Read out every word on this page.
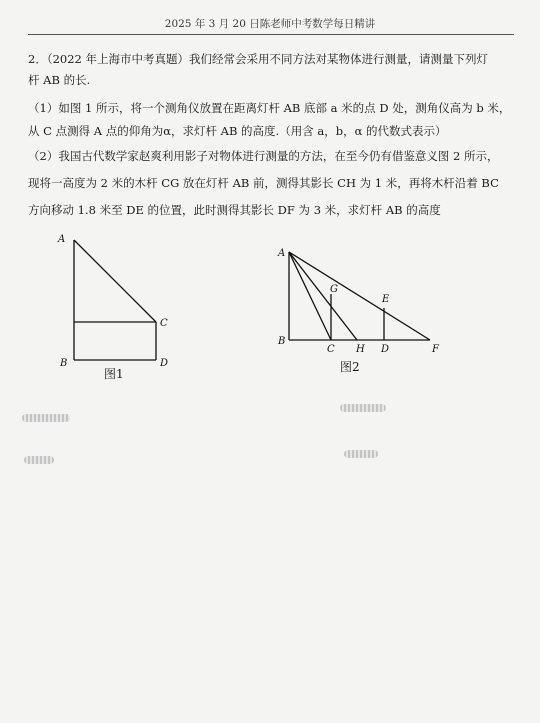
2025 年 3 月 20 日陈老师中考数学每日精讲
2．（2022 年上海市中考真题）我们经常会采用不同方法对某物体进行测量，请测量下列灯
杆 AB 的长.
（1）如图 1 所示，将一个测角仪放置在距离灯杆 AB 底部 a 米的点 D 处，测角仪高为 b 米，
从 C 点测得 A 点的仰角为α，求灯杆 AB 的高度.（用含 a，b，α 的代数式表示）
（2）我国古代数学家赵爽利用影子对物体进行测量的方法，在至今仍有借鉴意义图 2 所示，
现将一高度为 2 米的木杆 CG 放在灯杆 AB 前，测得其影长 CH 为 1 米，再将木杆沿着 BC
方向移动 1.8 米至 DE 的位置，此时测得其影长 DF 为 3 米，求灯杆 AB 的高度
A
B
C
D
图1
A
B
C
G
H D
E
F
图2
